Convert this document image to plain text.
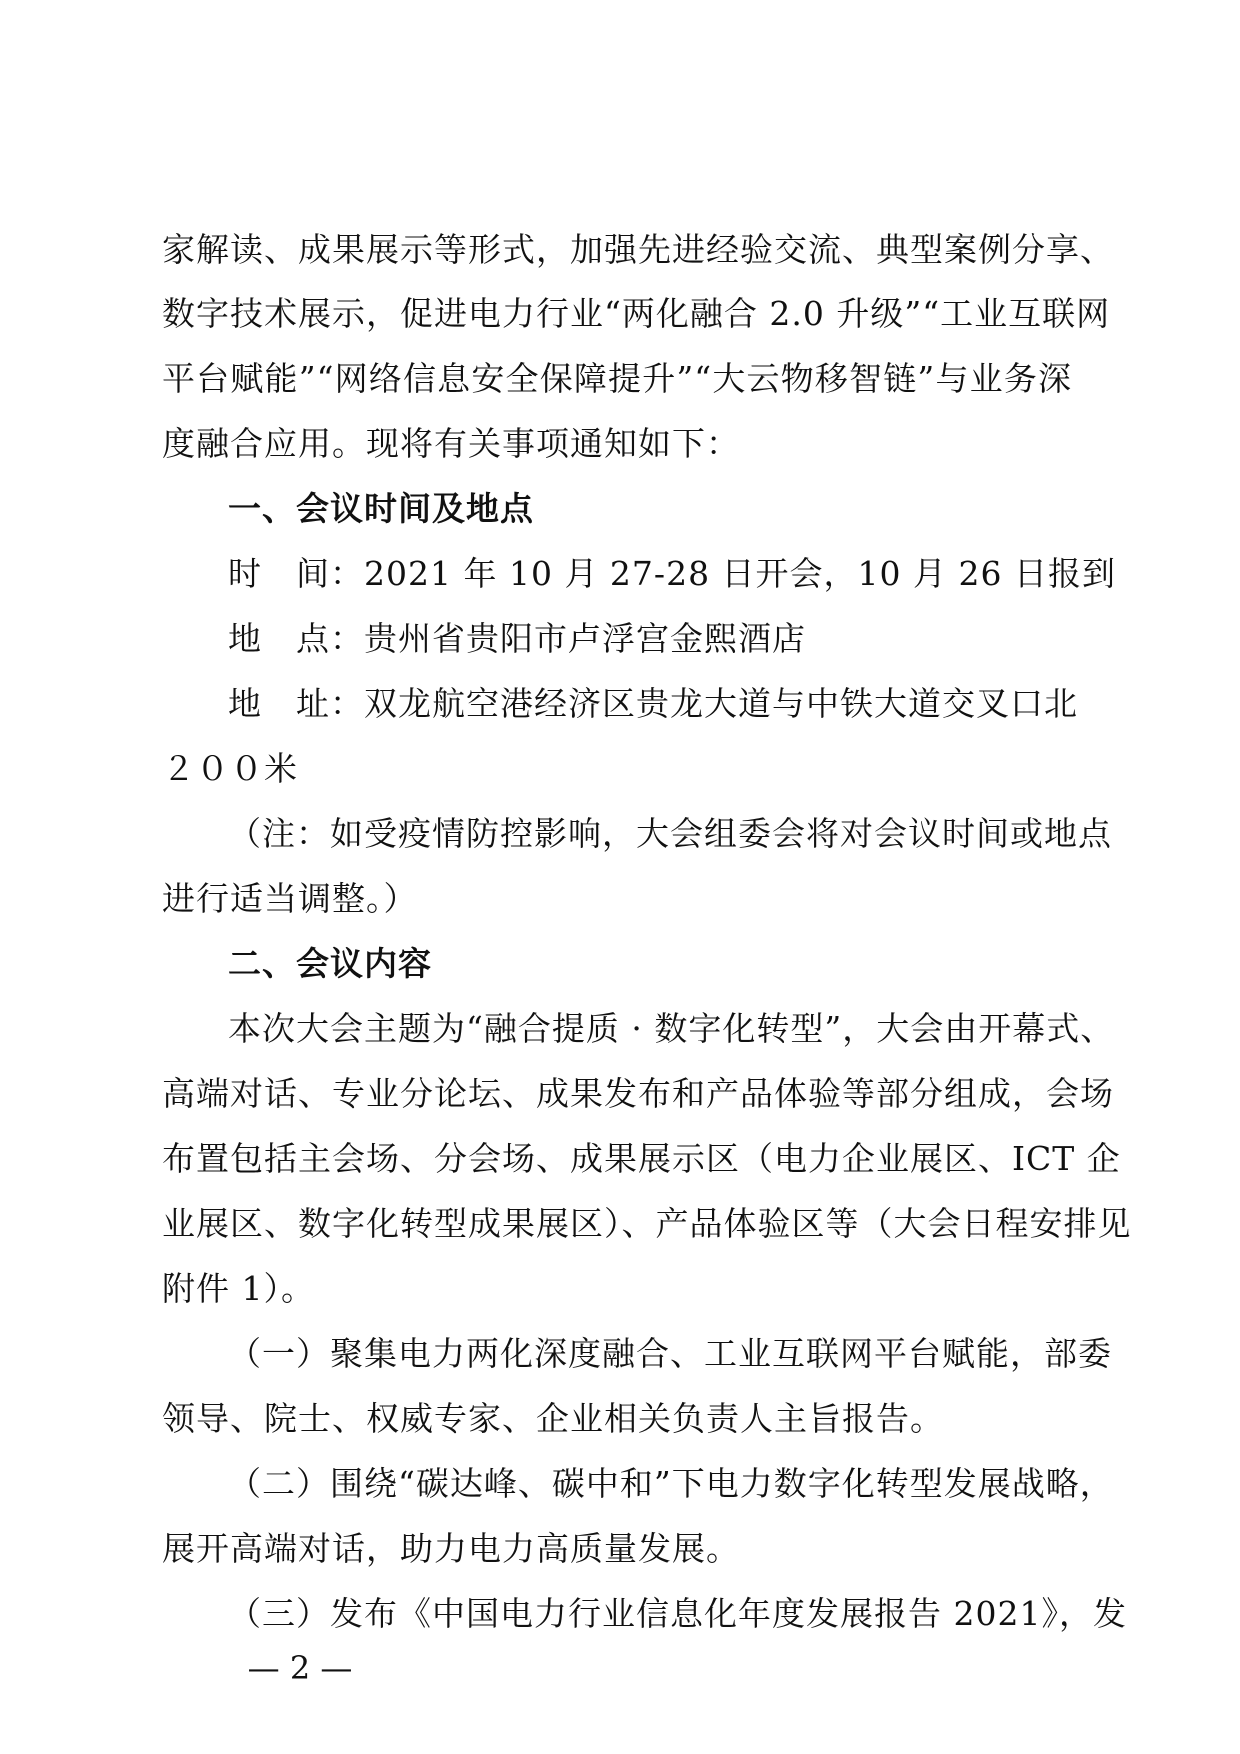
家解读、成果展示等形式，加强先进经验交流、典型案例分享、
数字技术展示，促进电力行业“两化融合 2.0 升级”“工业互联网
平台赋能”“网络信息安全保障提升”“大云物移智链”与业务深
度融合应用。现将有关事项通知如下：
一、会议时间及地点
时　间：2021 年 10 月 27-28 日开会，10 月 26 日报到
地　点：贵州省贵阳市卢浮宫金熙酒店
地　址：双龙航空港经济区贵龙大道与中铁大道交叉口北
２００米
（注：如受疫情防控影响，大会组委会将对会议时间或地点
进行适当调整。）
二、会议内容
本次大会主题为“融合提质 · 数字化转型”，大会由开幕式、
高端对话、专业分论坛、成果发布和产品体验等部分组成，会场
布置包括主会场、分会场、成果展示区（电力企业展区、ICT 企
业展区、数字化转型成果展区）、产品体验区等（大会日程安排见
附件 1）。
（一）聚集电力两化深度融合、工业互联网平台赋能，部委
领导、院士、权威专家、企业相关负责人主旨报告。
（二）围绕“碳达峰、碳中和”下电力数字化转型发展战略，
展开高端对话，助力电力高质量发展。
（三）发布《中国电力行业信息化年度发展报告 2021》，发
— 2 —
